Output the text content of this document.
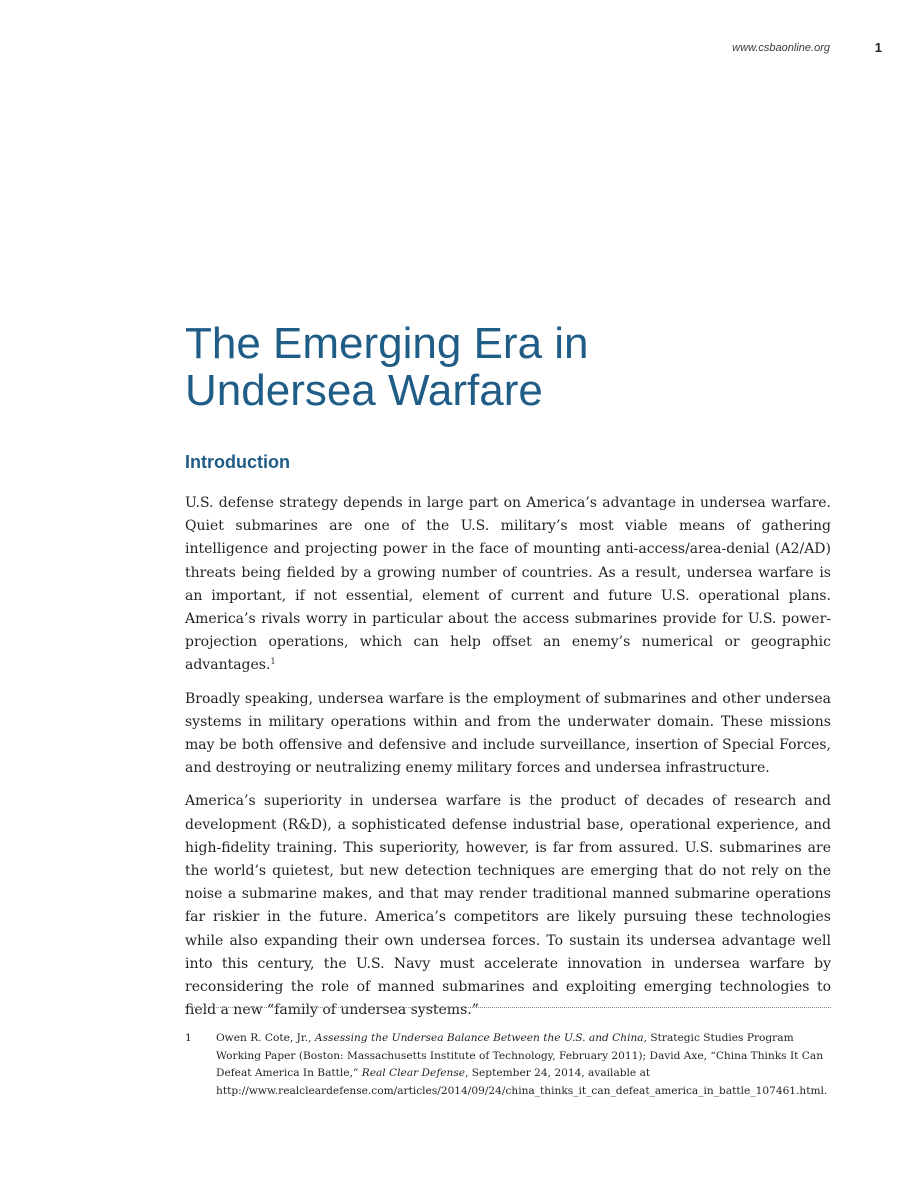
www.csbaonline.org	1
The Emerging Era in
Undersea Warfare
Introduction

U.S. defense strategy depends in large part on America’s advantage in undersea warfare. Quiet submarines are one of the U.S. military’s most viable means of gathering intelligence and projecting power in the face of mounting anti-access/area-denial (A2/AD) threats being fielded by a growing number of countries. As a result, undersea warfare is an important, if not essential, element of current and future U.S. operational plans. America’s rivals worry in particular about the access submarines provide for U.S. power-projection operations, which can help offset an enemy’s numerical or geographic advantages.$^1$

Broadly speaking, undersea warfare is the employment of submarines and other undersea systems in military operations within and from the underwater domain. These missions may be both offensive and defensive and include surveillance, insertion of Special Forces, and destroying or neutralizing enemy military forces and undersea infrastructure.

America’s superiority in undersea warfare is the product of decades of research and development (R&D), a sophisticated defense industrial base, operational experience, and high-fidelity training. This superiority, however, is far from assured. U.S. submarines are the world’s quietest, but new detection techniques are emerging that do not rely on the noise a submarine makes, and that may render traditional manned submarine operations far riskier in the future. America’s competitors are likely pursuing these technologies while also expanding their own undersea forces. To sustain its undersea advantage well into this century, the U.S. Navy must accelerate innovation in undersea warfare by reconsidering the role of manned submarines and exploiting emerging technologies to field a new “family of undersea systems.”

1 Owen R. Cote, Jr., Assessing the Undersea Balance Between the U.S. and China, Strategic Studies Program Working Paper (Boston: Massachusetts Institute of Technology, February 2011); David Axe, “China Thinks It Can Defeat America In Battle,” Real Clear Defense, September 24, 2014, available at http://www.realcleardefense.com/articles/2014/09/24/china_thinks_it_can_defeat_america_in_battle_107461.html.
